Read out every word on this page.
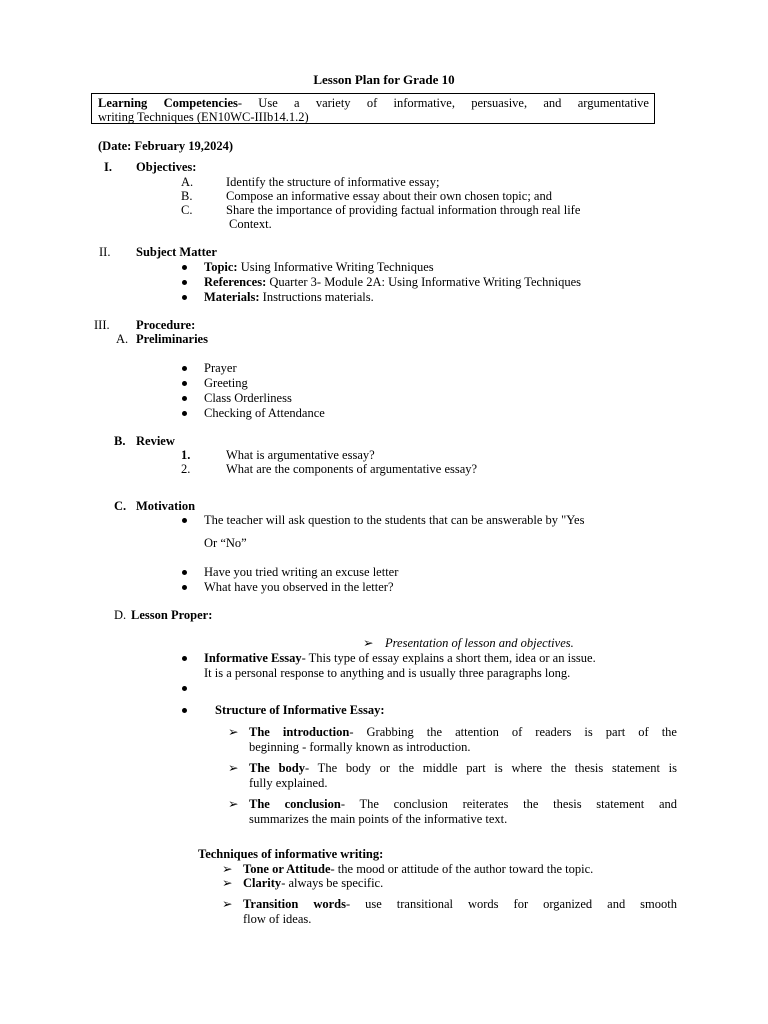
Lesson Plan for Grade 10
Learning Competencies- Use a variety of informative, persuasive, and argumentative
writing Techniques (EN10WC-IIIb14.1.2)
(Date: February 19,2024)
I. Objectives:
A.	Identify the structure of informative essay;
B.	Compose an informative essay about their own chosen topic; and
C.	Share the importance of providing factual information through real life
Context.
II. Subject Matter
Topic: Using Informative Writing Techniques
References: Quarter 3- Module 2A: Using Informative Writing Techniques
Materials: Instructions materials.
III. Procedure:
A. Preliminaries
Prayer
Greeting
Class Orderliness
Checking of Attendance
B. Review
1.	What is argumentative essay?
2.	What are the components of argumentative essay?
C. Motivation
The teacher will ask question to the students that can be answerable by "Yes
Or “No”
Have you tried writing an excuse letter
What have you observed in the letter?
D. Lesson Proper:
➢ Presentation of lesson and objectives.
Informative Essay- This type of essay explains a short them, idea or an issue.
It is a personal response to anything and is usually three paragraphs long.
Structure of Informative Essay:
➢ The introduction- Grabbing the attention of readers is part of the
beginning - formally known as introduction.
➢ The body- The body or the middle part is where the thesis statement is
fully explained.
➢ The conclusion- The conclusion reiterates the thesis statement and
summarizes the main points of the informative text.
Techniques of informative writing:
➢ Tone or Attitude- the mood or attitude of the author toward the topic.
➢ Clarity- always be specific.
➢ Transition words- use transitional words for organized and smooth
flow of ideas.
